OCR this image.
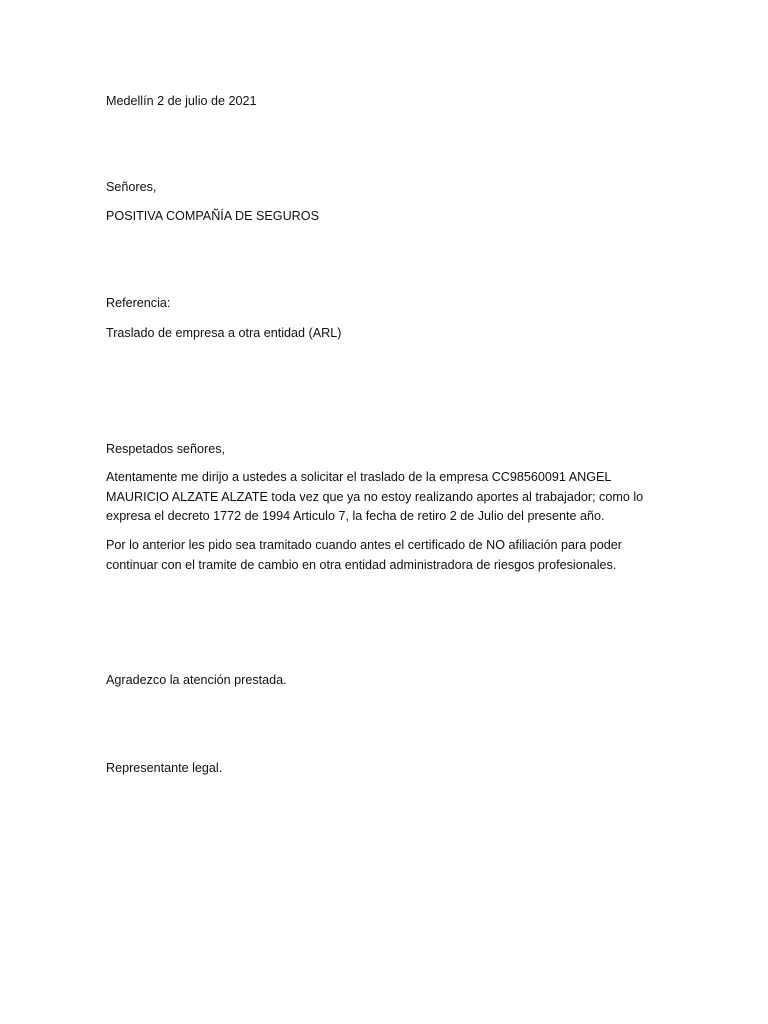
Medellín 2 de julio de 2021

Señores,

POSITIVA COMPAÑÍA DE SEGUROS

Referencia:

Traslado de empresa a otra entidad (ARL)

Respetados señores,

Atentamente me dirijo a ustedes a solicitar el traslado de la empresa CC98560091 ANGEL
MAURICIO ALZATE ALZATE toda vez que ya no estoy realizando aportes al trabajador; como lo
expresa el decreto 1772 de 1994 Articulo 7, la fecha de retiro 2 de Julio del presente año.
Por lo anterior les pido sea tramitado cuando antes el certificado de NO afiliación para poder
continuar con el tramite de cambio en otra entidad administradora de riesgos profesionales.

Agradezco la atención prestada.

Representante legal.
